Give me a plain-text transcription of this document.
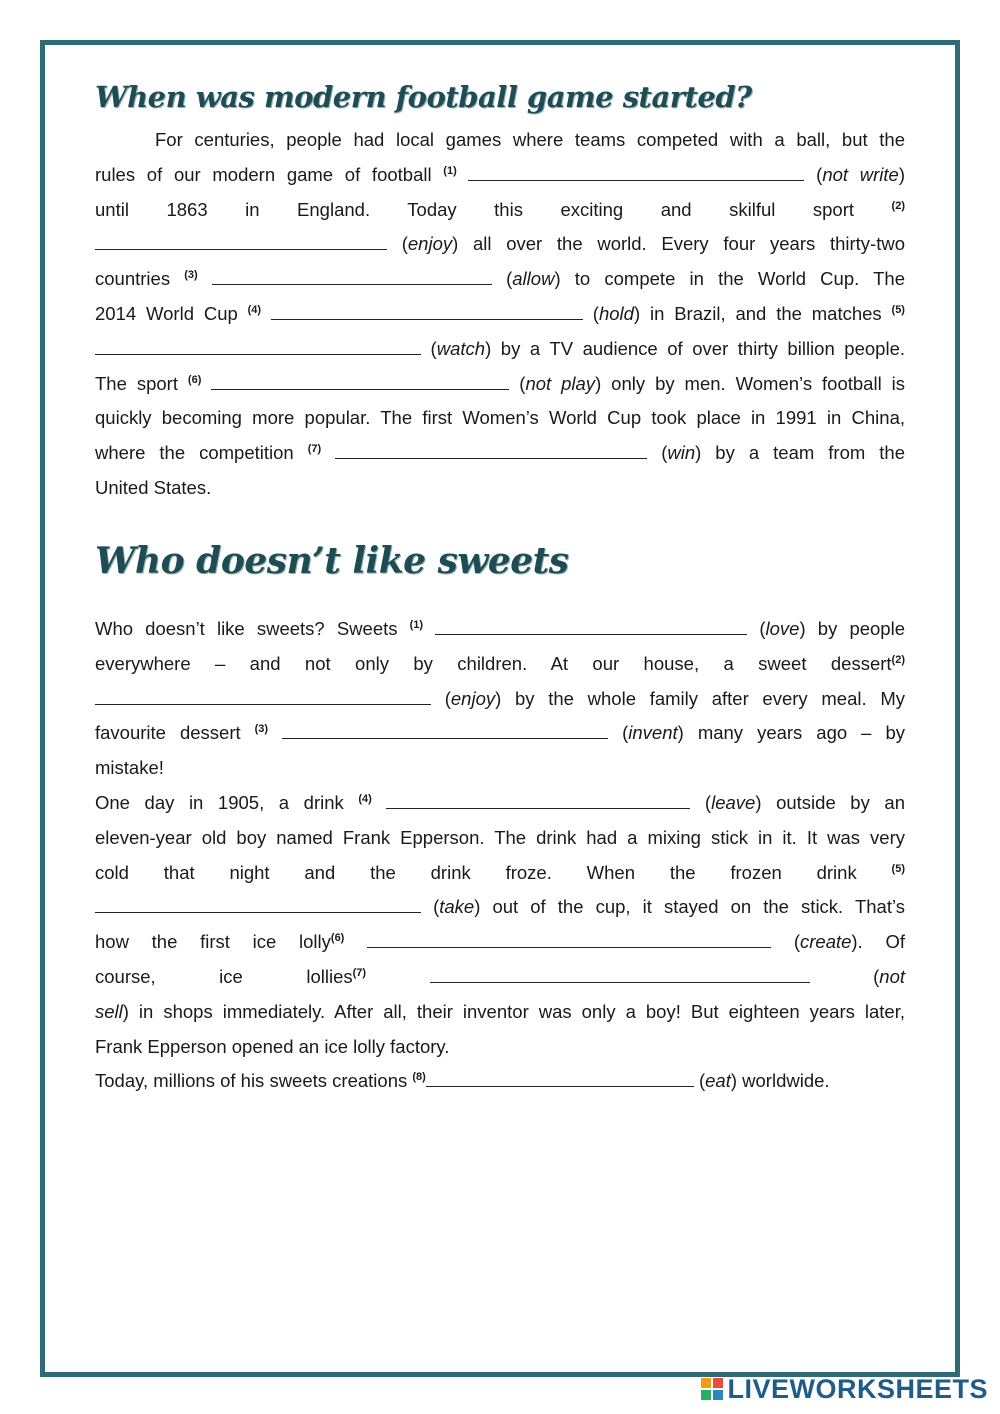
When was modern football game started?
For centuries, people had local games where teams competed with a ball, but the
rules of our modern game of football $^{(1)}$	(not write)
until 1863 in England. Today this exciting and skilful sport $^{(2)}$
(enjoy) all over the world. Every four years thirty-two
countries $^{(3)}$	(allow) to compete in the World Cup. The
2014 World Cup $^{(4)}$	(hold) in Brazil, and the matches $^{(5)}$
(watch) by a TV audience of over thirty billion people.
The sport $^{(6)}$	(not play) only by men. Women’s football is
quickly becoming more popular. The first Women’s World Cup took place in 1991 in China,
where the competition $^{(7)}$	(win) by a team from the
United States.
Who doesn’t like sweets
Who doesn’t like sweets? Sweets $^{(1)}$	(love) by people
everywhere – and not only by children. At our house, a sweet dessert$^{(2)}$
(enjoy) by the whole family after every meal. My
favourite dessert $^{(3)}$	(invent) many years ago – by
mistake!
One day in 1905, a drink $^{(4)}$	(leave) outside by an
eleven-year old boy named Frank Epperson. The drink had a mixing stick in it. It was very
cold that night and the drink froze. When the frozen drink $^{(5)}$
(take) out of the cup, it stayed on the stick. That’s
how the first ice lolly$^{(6)}$	(create). Of
course, ice lollies$^{(7)}$	(not
sell) in shops immediately. After all, their inventor was only a boy! But eighteen years later,
Frank Epperson opened an ice lolly factory.
Today, millions of his sweets creations $^{(8)}$	(eat) worldwide.
LIVEWORKSHEETS
